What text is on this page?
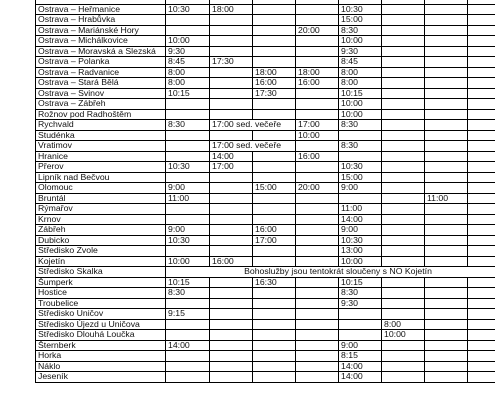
Ostrava – Heřmanice	10:30	18:00			10:30			
Ostrava – Hrabůvka					15:00			
Ostrava – Mariánské Hory				20:00	8:30			
Ostrava – Michálkovice	10:00				10:00			
Ostrava – Moravská a Slezská	9:30				9:30			
Ostrava – Polanka	8:45	17:30			8:45			
Ostrava – Radvanice	8:00		18:00	18:00	8:00			
Ostrava – Stará Bělá	8:00		16:00	16:00	8:00			
Ostrava – Svinov	10:15		17:30		10:15			
Ostrava – Zábřeh					10:00			
Rožnov pod Radhoštěm					10:00			
Rychvald	8:30	17:00 sed. večeře		17:00	8:30			
Studénka				10:00				
Vratimov		17:00 sed. večeře			8:30			
Hranice		14:00		16:00				
Přerov	10:30	17:00			10:30			
Lipník nad Bečvou					15:00			
Olomouc	9:00		15:00	20:00	9:00			
Bruntál	11:00						11:00	
Rýmařov					11:00			
Krnov					14:00			
Zábřeh	9:00		16:00		9:00			
Dubicko	10:30		17:00		10:30			
Středisko Zvole					13:00			
Kojetín	10:00	16:00			10:00			
Středisko Skalka	Bohoslužby jsou tentokrát sloučeny s NO Kojetín							
Šumperk	10:15		16:30		10:15			
Hostice	8:30				8:30			
Troubelice					9:30			
Středisko Uničov	9:15							
Středisko Újezd u Uničova						8:00		
Středisko Dlouhá Loučka						10:00		
Šternberk	14:00				9:00			
Horka					8:15			
Náklo					14:00			
Jeseník					14:00			
